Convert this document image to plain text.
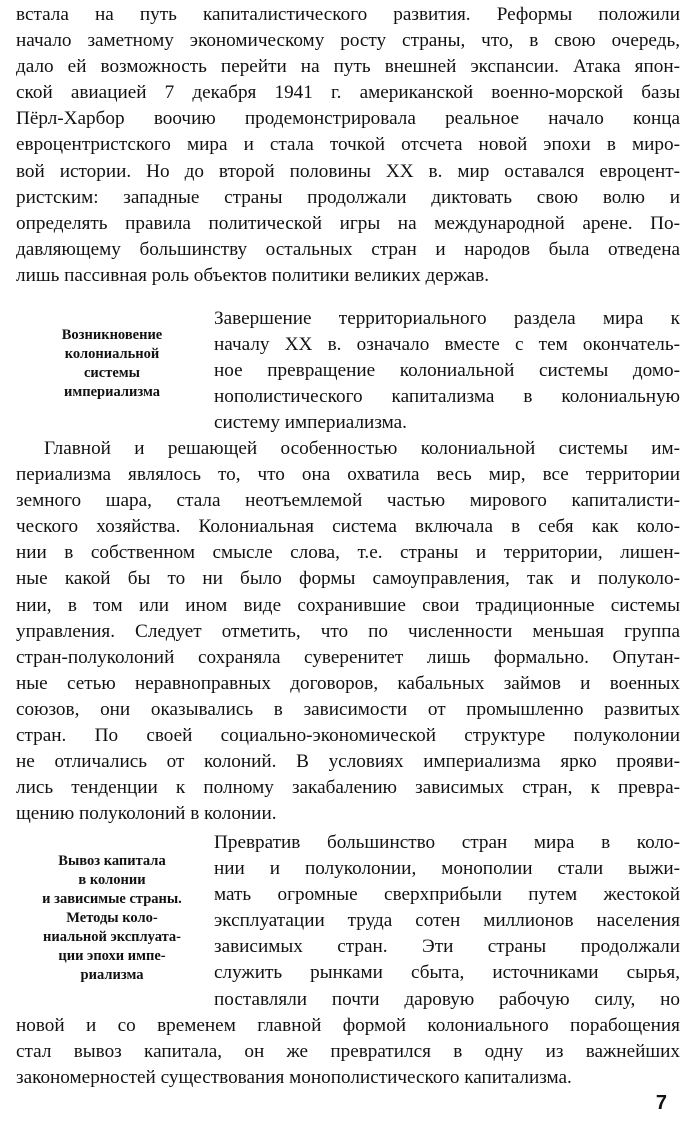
встала на путь капиталистического развития. Реформы положили
начало заметному экономическому росту страны, что, в свою очередь,
дало ей возможность перейти на путь внешней экспансии. Атака япон-
ской авиацией 7 декабря 1941 г. американской военно-морской базы
Пёрл-Харбор воочию продемонстрировала реальное начало конца
евроцентристского мира и стала точкой отсчета новой эпохи в миро-
вой истории. Но до второй половины XX в. мир оставался евроцент-
ристским: западные страны продолжали диктовать свою волю и
определять правила политической игры на международной арене. По-
давляющему большинству остальных стран и народов была отведена
лишь пассивная роль объектов политики великих держав.
Возникновение
колониальной
системы
империализма
Завершение территориального раздела мира к
началу XX в. означало вместе с тем окончатель-
ное превращение колониальной системы домо-
нополистического капитализма в колониальную
систему империализма.
Главной и решающей особенностью колониальной системы им-
периализма являлось то, что она охватила весь мир, все территории
земного шара, стала неотъемлемой частью мирового капиталисти-
ческого хозяйства. Колониальная система включала в себя как коло-
нии в собственном смысле слова, т.е. страны и территории, лишен-
ные какой бы то ни было формы самоуправления, так и полуколо-
нии, в том или ином виде сохранившие свои традиционные системы
управления. Следует отметить, что по численности меньшая группа
стран-полуколоний сохраняла суверенитет лишь формально. Опутан-
ные сетью неравноправных договоров, кабальных займов и военных
союзов, они оказывались в зависимости от промышленно развитых
стран. По своей социально-экономической структуре полуколонии
не отличались от колоний. В условиях империализма ярко прояви-
лись тенденции к полному закабалению зависимых стран, к превра-
щению полуколоний в колонии.
Вывоз капитала
в колонии
и зависимые страны.
Методы коло-
ниальной эксплуата-
ции эпохи импе-
риализма
Превратив большинство стран мира в коло-
нии и полуколонии, монополии стали выжи-
мать огромные сверхприбыли путем жестокой
эксплуатации труда сотен миллионов населения
зависимых стран. Эти страны продолжали
служить рынками сбыта, источниками сырья,
поставляли почти даровую рабочую силу, но
новой и со временем главной формой колониального порабощения
стал вывоз капитала, он же превратился в одну из важнейших
закономерностей существования монополистического капитализма.
7
